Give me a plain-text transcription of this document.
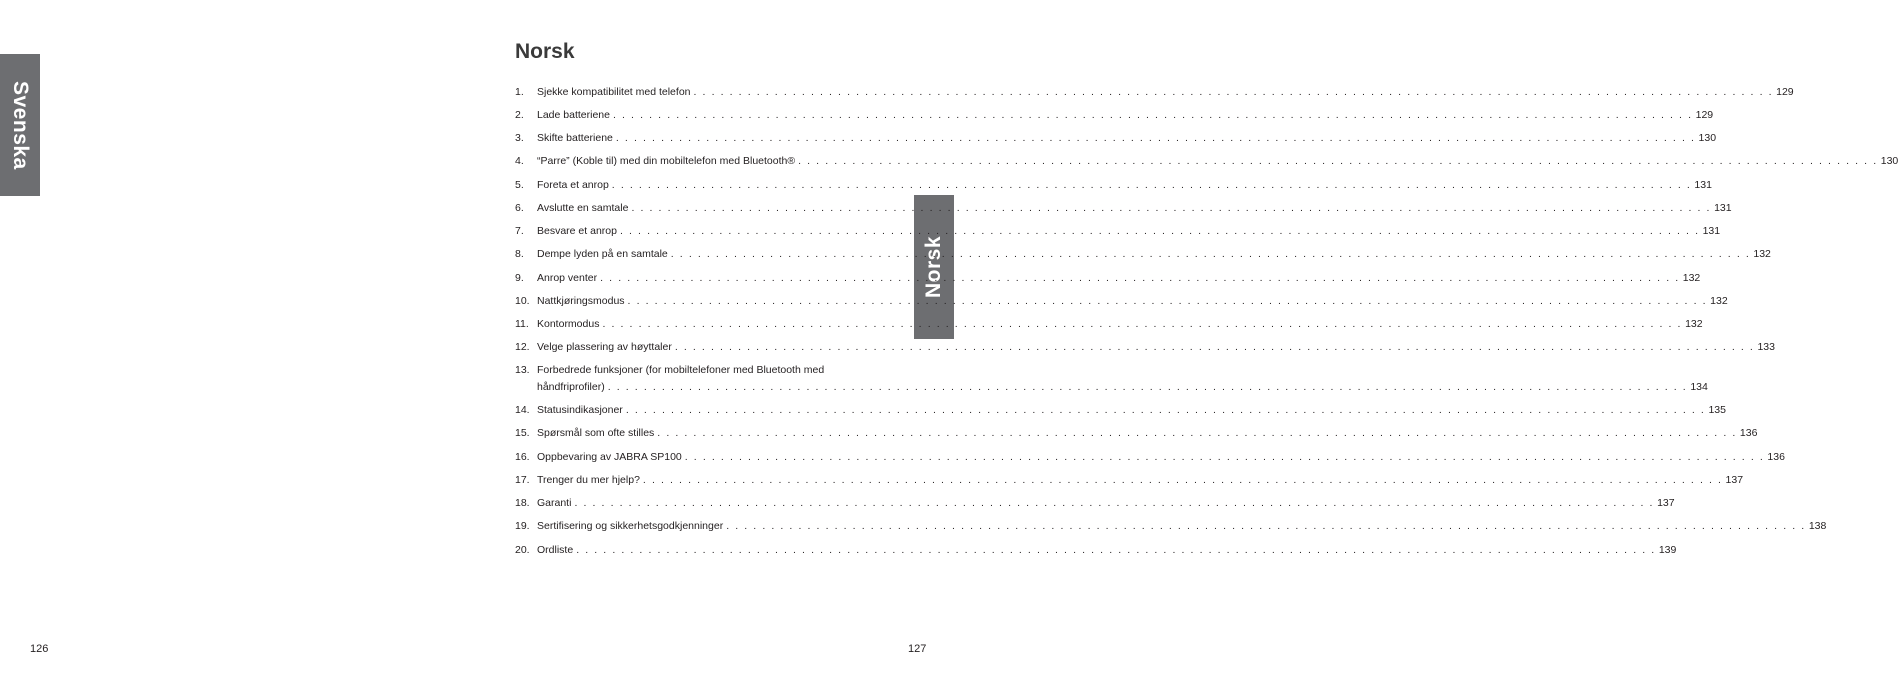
Svenska
Norsk
Norsk
1.	Sjekke kompatibilitet med telefon . . . . . . . . . . . . . . . . . . . . . . . . . . . . . . . . . . . . . . . . . . . . . . . . . . . . . . . . . . . . . . . . . . . . . . . . . . . . . . . . . . . . . . . . . . . . . . . . . . . . . . . . . . . . . . . . . . . . . . . . 129
2.	Lade batteriene . . . . . . . . . . . . . . . . . . . . . . . . . . . . . . . . . . . . . . . . . . . . . . . . . . . . . . . . . . . . . . . . . . . . . . . . . . . . . . . . . . . . . . . . . . . . . . . . . . . . . . . . . . . . . . . . . . . . . . . . 129
3.	Skifte batteriene . . . . . . . . . . . . . . . . . . . . . . . . . . . . . . . . . . . . . . . . . . . . . . . . . . . . . . . . . . . . . . . . . . . . . . . . . . . . . . . . . . . . . . . . . . . . . . . . . . . . . . . . . . . . . . . . . . . . . . . . 130
4.	“Parre” (Koble til) med din mobiltelefon med Bluetooth® . . . . . . . . . . . . . . . . . . . . . . . . . . . . . . . . . . . . . . . . . . . . . . . . . . . . . . . . . . . . . . . . . . . . . . . . . . . . . . . . . . . . . . . . . . . . . . . . . . . . . . . . . . . . . . . . . . . . . . . . 130
5.	Foreta et anrop . . . . . . . . . . . . . . . . . . . . . . . . . . . . . . . . . . . . . . . . . . . . . . . . . . . . . . . . . . . . . . . . . . . . . . . . . . . . . . . . . . . . . . . . . . . . . . . . . . . . . . . . . . . . . . . . . . . . . . . . 131
6.	Avslutte en samtale . . . . . . . . . . . . . . . . . . . . . . . . . . . . . . . . . . . . . . . . . . . . . . . . . . . . . . . . . . . . . . . . . . . . . . . . . . . . . . . . . . . . . . . . . . . . . . . . . . . . . . . . . . . . . . . . . . . . . . . . 131
7.	Besvare et anrop . . . . . . . . . . . . . . . . . . . . . . . . . . . . . . . . . . . . . . . . . . . . . . . . . . . . . . . . . . . . . . . . . . . . . . . . . . . . . . . . . . . . . . . . . . . . . . . . . . . . . . . . . . . . . . . . . . . . . . . . 131
8.	Dempe lyden på en samtale . . . . . . . . . . . . . . . . . . . . . . . . . . . . . . . . . . . . . . . . . . . . . . . . . . . . . . . . . . . . . . . . . . . . . . . . . . . . . . . . . . . . . . . . . . . . . . . . . . . . . . . . . . . . . . . . . . . . . . . . 132
9.	Anrop venter . . . . . . . . . . . . . . . . . . . . . . . . . . . . . . . . . . . . . . . . . . . . . . . . . . . . . . . . . . . . . . . . . . . . . . . . . . . . . . . . . . . . . . . . . . . . . . . . . . . . . . . . . . . . . . . . . . . . . . . . 132
10. Nattkjøringsmodus . . . . . . . . . . . . . . . . . . . . . . . . . . . . . . . . . . . . . . . . . . . . . . . . . . . . . . . . . . . . . . . . . . . . . . . . . . . . . . . . . . . . . . . . . . . . . . . . . . . . . . . . . . . . . . . . . . . . . . . . 132
11. Kontormodus . . . . . . . . . . . . . . . . . . . . . . . . . . . . . . . . . . . . . . . . . . . . . . . . . . . . . . . . . . . . . . . . . . . . . . . . . . . . . . . . . . . . . . . . . . . . . . . . . . . . . . . . . . . . . . . . . . . . . . . . 132
12. Velge plassering av høyttaler . . . . . . . . . . . . . . . . . . . . . . . . . . . . . . . . . . . . . . . . . . . . . . . . . . . . . . . . . . . . . . . . . . . . . . . . . . . . . . . . . . . . . . . . . . . . . . . . . . . . . . . . . . . . . . . . . . . . . . . . 133
13. Forbedrede funksjoner (for mobiltelefoner med Bluetooth med
håndfriprofiler) . . . . . . . . . . . . . . . . . . . . . . . . . . . . . . . . . . . . . . . . . . . . . . . . . . . . . . . . . . . . . . . . . . . . . . . . . . . . . . . . . . . . . . . . . . . . . . . . . . . . . . . . . . . . . . . . . . . . . . . . 134
14. Statusindikasjoner . . . . . . . . . . . . . . . . . . . . . . . . . . . . . . . . . . . . . . . . . . . . . . . . . . . . . . . . . . . . . . . . . . . . . . . . . . . . . . . . . . . . . . . . . . . . . . . . . . . . . . . . . . . . . . . . . . . . . . . . 135
15. Spørsmål som ofte stilles . . . . . . . . . . . . . . . . . . . . . . . . . . . . . . . . . . . . . . . . . . . . . . . . . . . . . . . . . . . . . . . . . . . . . . . . . . . . . . . . . . . . . . . . . . . . . . . . . . . . . . . . . . . . . . . . . . . . . . . . 136
16. Oppbevaring av JABRA SP100 . . . . . . . . . . . . . . . . . . . . . . . . . . . . . . . . . . . . . . . . . . . . . . . . . . . . . . . . . . . . . . . . . . . . . . . . . . . . . . . . . . . . . . . . . . . . . . . . . . . . . . . . . . . . . . . . . . . . . . . . 136
17. Trenger du mer hjelp? . . . . . . . . . . . . . . . . . . . . . . . . . . . . . . . . . . . . . . . . . . . . . . . . . . . . . . . . . . . . . . . . . . . . . . . . . . . . . . . . . . . . . . . . . . . . . . . . . . . . . . . . . . . . . . . . . . . . . . . . 137
18. Garanti . . . . . . . . . . . . . . . . . . . . . . . . . . . . . . . . . . . . . . . . . . . . . . . . . . . . . . . . . . . . . . . . . . . . . . . . . . . . . . . . . . . . . . . . . . . . . . . . . . . . . . . . . . . . . . . . . . . . . . . . 137
19. Sertifisering og sikkerhetsgodkjenninger . . . . . . . . . . . . . . . . . . . . . . . . . . . . . . . . . . . . . . . . . . . . . . . . . . . . . . . . . . . . . . . . . . . . . . . . . . . . . . . . . . . . . . . . . . . . . . . . . . . . . . . . . . . . . . . . . . . . . . . . 138
20. Ordliste . . . . . . . . . . . . . . . . . . . . . . . . . . . . . . . . . . . . . . . . . . . . . . . . . . . . . . . . . . . . . . . . . . . . . . . . . . . . . . . . . . . . . . . . . . . . . . . . . . . . . . . . . . . . . . . . . . . . . . . . 139
126	127
